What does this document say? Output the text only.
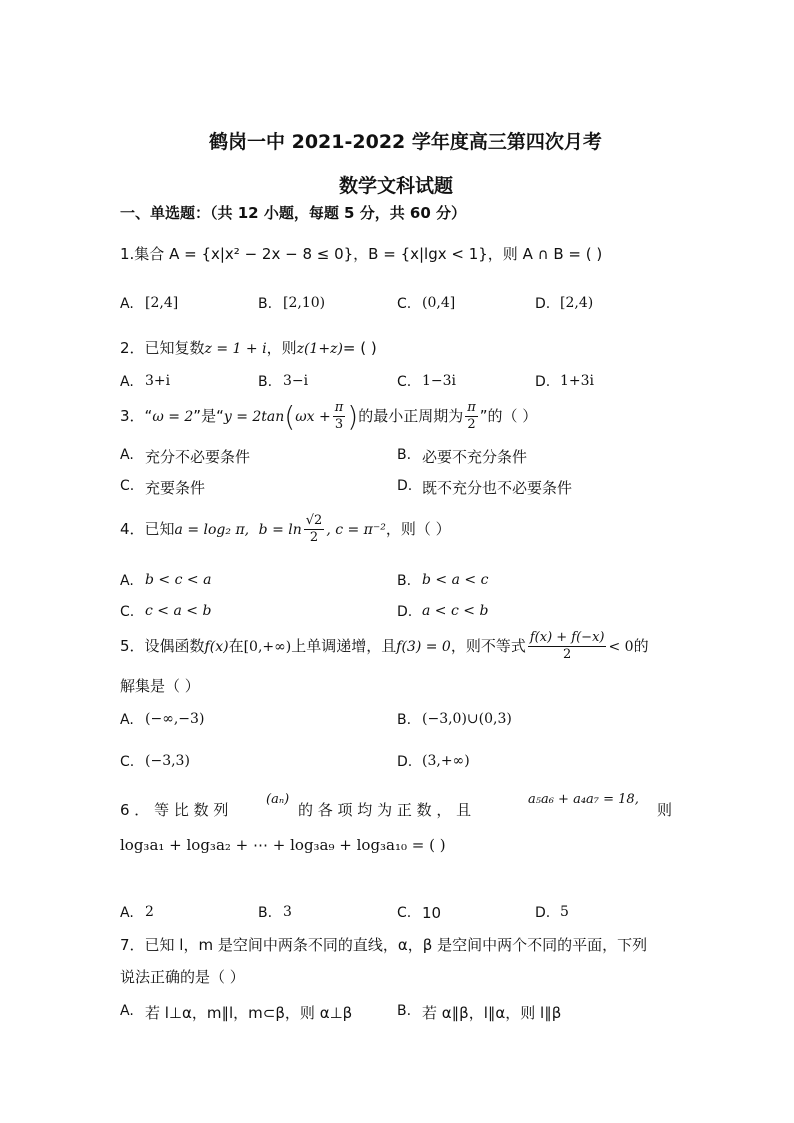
鹤岗一中 2021-2022 学年度高三第四次月考
数学文科试题
一、单选题：（共 12 小题，每题 5 分，共 60 分）
1.集合 A = {x|x² − 2x − 8 ≤ 0}，B = {x|lgx < 1}，则 A ∩ B = ( )
A. [2,4]	B. [2,10)	C. (0,4]	D. [2,4)
2．已知复数z = 1 + i，则z(1+z)= ( )
A. 3+i	B. 3−i	C. 1−3i	D. 1+3i
3．“ω = 2”是“$y = 2\tan(\omega x + \frac{\pi}{3}$ )的最小正周期为 $\frac{\pi}{2}$ ”的（ ）
A. 充分不必要条件	B. 必要不充分条件
C. 充要条件	D. 既不充分也不必要条件
4．已知a = log₂ π, $b = \ln \frac{√2}{2}$ , c = π⁻²，则（ ）
A. b < c < a	B. b < a < c
C. c < a < b	D. a < c < b
5．设偶函数f(x)在[0,+∞)上单调递增，且f(3) = 0，则不等式 $\frac{f(x) + f(-x)}{2} < 0$的
解集是（ ）
A. (−∞,−3)	B. (−3,0)∪(0,3)
C. (−3,3)	D. (3,+∞)
6 ． 等 比 数 列
(aₙ)
的 各 项 均 为 正 数 ， 且
a₅a₆ + a₄a₇ = 18,
则
log₃a₁ + log₃a₂ + ⋯ + log₃a₉ + log₃a₁₀ = ( )
A. 2	B. 3	C. 10	D. 5
7．已知 l，m 是空间中两条不同的直线，α，β 是空间中两个不同的平面，下列
说法正确的是（ ）
A. 若 l⊥α，m∥l，m⊂β，则 α⊥β	B. 若 α∥β，l∥α，则 l∥β
